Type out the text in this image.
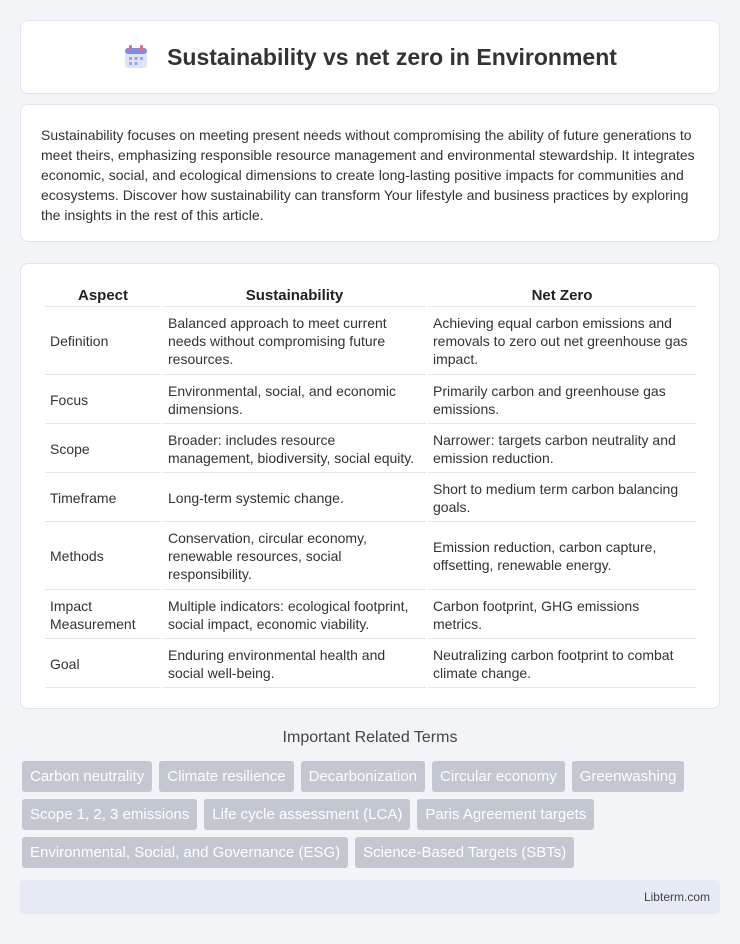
Sustainability vs net zero in Environment

Sustainability focuses on meeting present needs without compromising the ability of future generations to meet theirs, emphasizing responsible resource management and environmental stewardship. It integrates economic, social, and ecological dimensions to create long-lasting positive impacts for communities and ecosystems. Discover how sustainability can transform Your lifestyle and business practices by exploring the insights in the rest of this article.

Aspect	Sustainability	Net Zero
Definition	Balanced approach to meet current needs without compromising future resources.	Achieving equal carbon emissions and removals to zero out net greenhouse gas impact.
Focus	Environmental, social, and economic dimensions.	Primarily carbon and greenhouse gas emissions.
Scope	Broader: includes resource management, biodiversity, social equity.	Narrower: targets carbon neutrality and emission reduction.
Timeframe	Long-term systemic change.	Short to medium term carbon balancing goals.
Methods	Conservation, circular economy, renewable resources, social responsibility.	Emission reduction, carbon capture, offsetting, renewable energy.
Impact Measurement	Multiple indicators: ecological footprint, social impact, economic viability.	Carbon footprint, GHG emissions metrics.
Goal	Enduring environmental health and social well-being.	Neutralizing carbon footprint to combat climate change.
Important Related Terms
Carbon neutrality	Climate resilience	Decarbonization	Circular economy	Greenwashing
Scope 1, 2, 3 emissions	Life cycle assessment (LCA)	Paris Agreement targets
Environmental, Social, and Governance (ESG)	Science-Based Targets (SBTs)
Libterm.com
